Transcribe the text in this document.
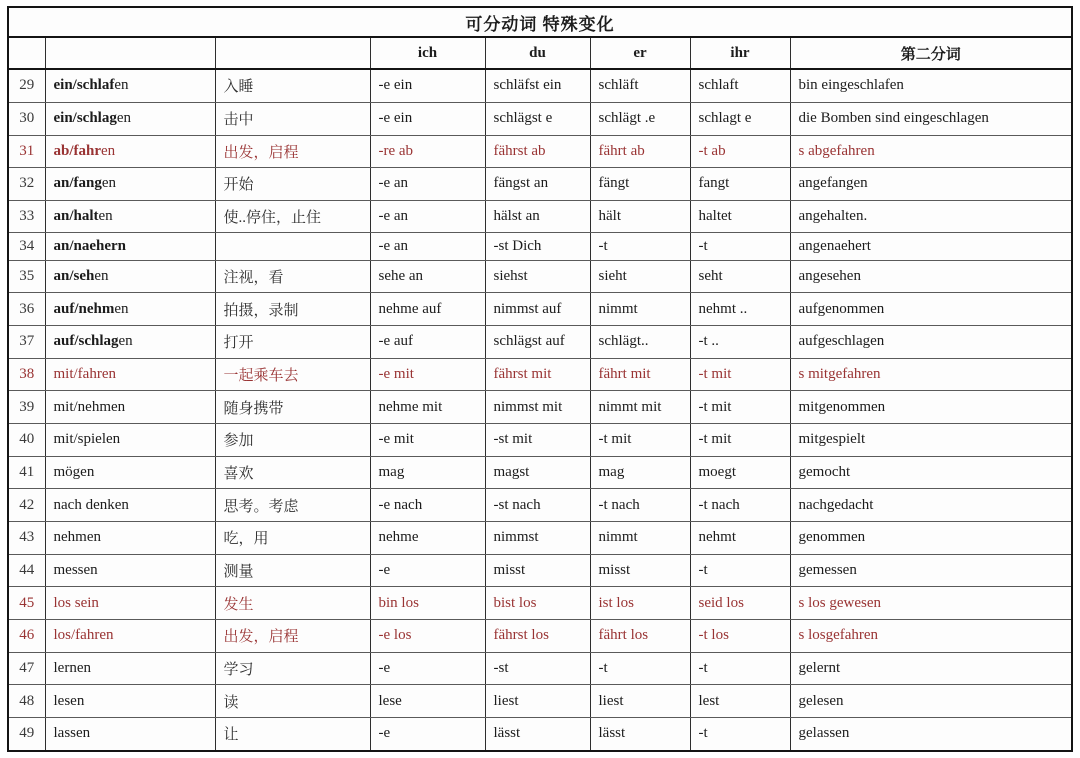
可分动词 特殊变化							
			ich	du	er	ihr	第二分词
29	ein/schlafen	入睡	-e ein	schläfst ein	schläft	schlaft	bin eingeschlafen
30	ein/schlagen	击中	-e ein	schlägst e	schlägt .e	schlagt e	die Bomben sind eingeschlagen
31	ab/fahren	出发，启程	-re ab	fährst ab	fährt ab	-t ab	s abgefahren
32	an/fangen	开始	-e an	fängst an	fängt	fangt	angefangen
33	an/halten	使..停住，止住	-e an	hälst an	hält	haltet	angehalten.
34	an/naehern		-e an	-st Dich	-t	-t	angenaehert
35	an/sehen	注视，看	sehe an	siehst	sieht	seht	angesehen
36	auf/nehmen	拍摄，录制	nehme auf	nimmst auf	nimmt	nehmt ..	aufgenommen
37	auf/schlagen	打开	-e auf	schlägst auf	schlägt..	-t ..	aufgeschlagen
38	mit/fahren	一起乘车去	-e mit	fährst mit	fährt mit	-t mit	s mitgefahren
39	mit/nehmen	随身携带	nehme mit	nimmst mit	nimmt mit	-t mit	mitgenommen
40	mit/spielen	参加	-e mit	-st mit	-t mit	-t mit	mitgespielt
41	mögen	喜欢	mag	magst	mag	moegt	gemocht
42	nach denken	思考。考虑	-e nach	-st nach	-t nach	-t nach	nachgedacht
43	nehmen	吃，用	nehme	nimmst	nimmt	nehmt	genommen
44	messen	测量	-e	misst	misst	-t	gemessen
45	los sein	发生	bin los	bist los	ist los	seid los	s los gewesen
46	los/fahren	出发，启程	-e los	fährst los	fährt los	-t los	s losgefahren
47	lernen	学习	-e	-st	-t	-t	gelernt
48	lesen	读	lese	liest	liest	lest	gelesen
49	lassen	让	-e	lässt	lässt	-t	gelassen
